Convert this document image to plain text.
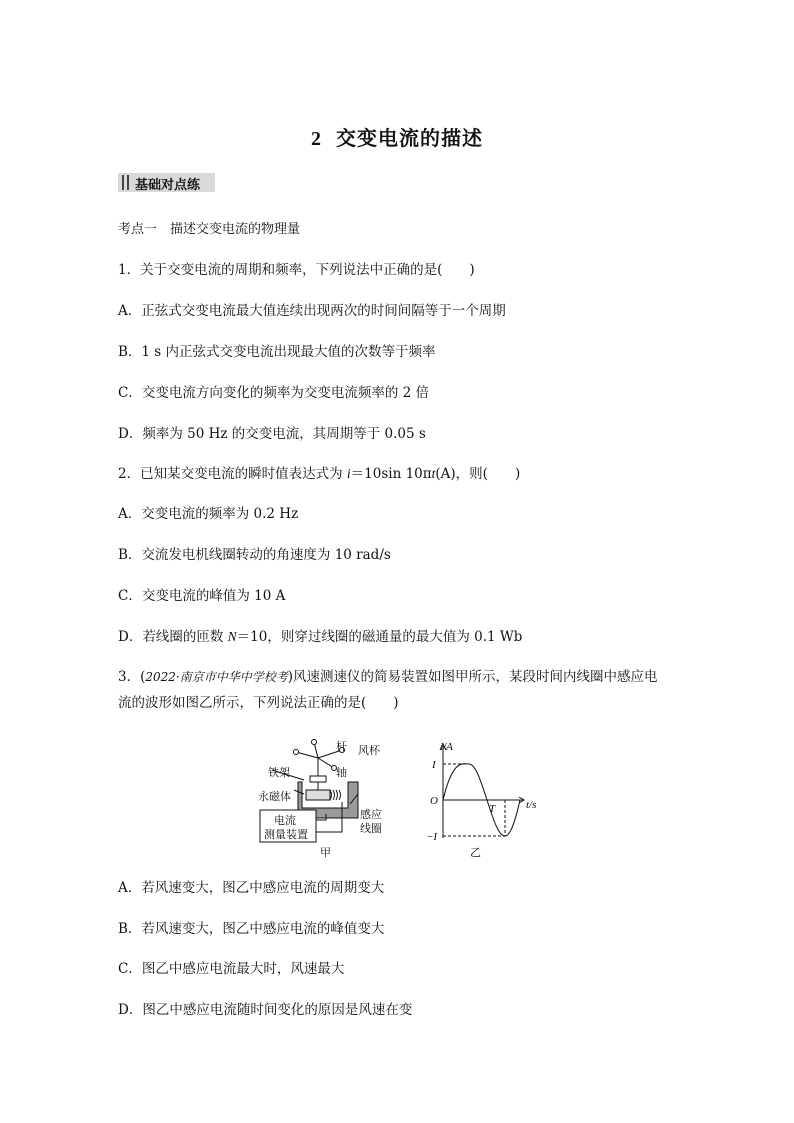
2 交变电流的描述
基础对点练
考点一　描述交变电流的物理量
1．关于交变电流的周期和频率，下列说法中正确的是(　　)
A．正弦式交变电流最大值连续出现两次的时间间隔等于一个周期
B．1 s 内正弦式交变电流出现最大值的次数等于频率
C．交变电流方向变化的频率为交变电流频率的 2 倍
D．频率为 50 Hz 的交变电流，其周期等于 0.05 s
2．已知某交变电流的瞬时值表达式为 i＝10sin 10πt(A)，则(　　)
A．交变电流的频率为 0.2 Hz
B．交流发电机线圈转动的角速度为 10 rad/s
C．交变电流的峰值为 10 A
D．若线圈的匝数 N＝10，则穿过线圈的磁通量的最大值为 0.1 Wb
3．(2022·南京市中华中学校考)风速测速仪的简易装置如图甲所示，某段时间内线圈中感应电
流的波形如图乙所示，下列说法正确的是(　　)
杆 风杯
轴
铁架
永磁体
感应
线圈
电流
测量装置
甲
i/A
t/s
O
I
−I
T
乙
A．若风速变大，图乙中感应电流的周期变大
B．若风速变大，图乙中感应电流的峰值变大
C．图乙中感应电流最大时，风速最大
D．图乙中感应电流随时间变化的原因是风速在变
